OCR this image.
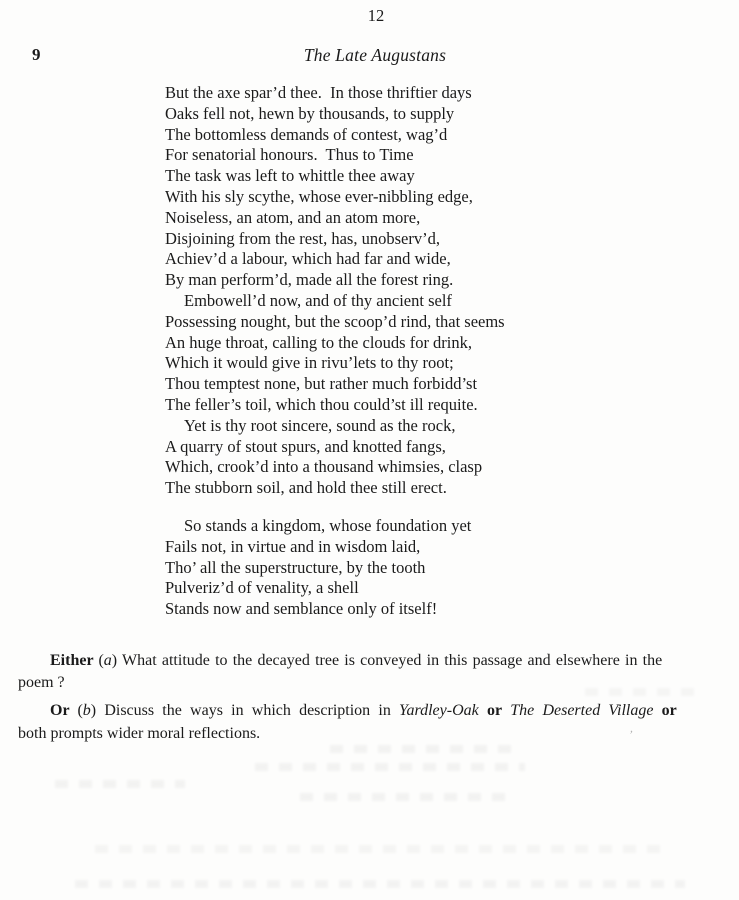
12
9	The Late Augustans
But the axe spar’d thee.  In those thriftier days
Oaks fell not, hewn by thousands, to supply
The bottomless demands of contest, wag’d
For senatorial honours.  Thus to Time
The task was left to whittle thee away
With his sly scythe, whose ever-nibbling edge,
Noiseless, an atom, and an atom more,
Disjoining from the rest, has, unobserv’d,
Achiev’d a labour, which had far and wide,
By man perform’d, made all the forest ring.
Embowell’d now, and of thy ancient self
Possessing nought, but the scoop’d rind, that seems
An huge throat, calling to the clouds for drink,
Which it would give in rivu’lets to thy root;
Thou temptest none, but rather much forbidd’st
The feller’s toil, which thou could’st ill requite.
Yet is thy root sincere, sound as the rock,
A quarry of stout spurs, and knotted fangs,
Which, crook’d into a thousand whimsies, clasp
The stubborn soil, and hold thee still erect.
So stands a kingdom, whose foundation yet
Fails not, in virtue and in wisdom laid,
Tho’ all the superstructure, by the tooth
Pulveriz’d of venality, a shell
Stands now and semblance only of itself!
Either (a) What attitude to the decayed tree is conveyed in this passage and elsewhere in the
poem ?
Or (b) Discuss the ways in which description in Yardley-Oak or The Deserted Village or
both prompts wider moral reflections.	‚
